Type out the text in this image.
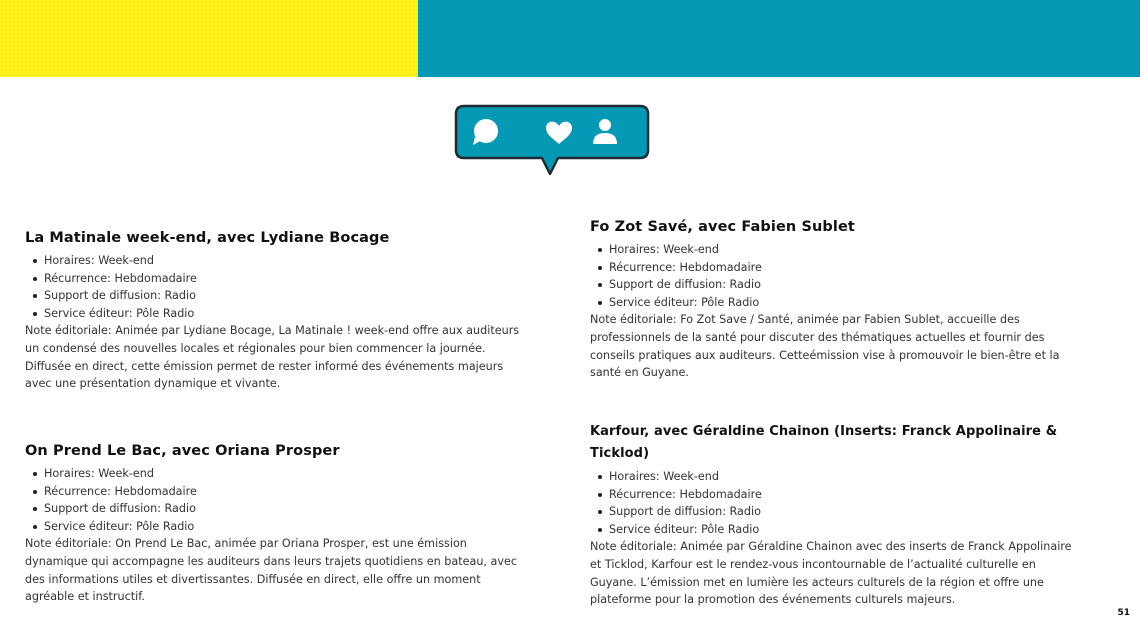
La Matinale week-end, avec Lydiane Bocage
Horaires: Week-end
Récurrence: Hebdomadaire
Support de diffusion: Radio
Service éditeur: Pôle Radio

Note éditoriale: Animée par Lydiane Bocage, La Matinale ! week-end offre aux auditeurs un condensé des nouvelles locales et régionales pour bien commencer la journée. Diffusée en direct, cette émission permet de rester informé des événements majeurs avec une présentation dynamique et vivante.

On Prend Le Bac, avec Oriana Prosper
Horaires: Week-end
Récurrence: Hebdomadaire
Support de diffusion: Radio
Service éditeur: Pôle Radio

Note éditoriale: On Prend Le Bac, animée par Oriana Prosper, est une émission dynamique qui accompagne les auditeurs dans leurs trajets quotidiens en bateau, avec des informations utiles et divertissantes. Diffusée en direct, elle offre un moment agréable et instructif.

Fo Zot Savé, avec Fabien Sublet
Horaires: Week-end
Récurrence: Hebdomadaire
Support de diffusion: Radio
Service éditeur: Pôle Radio

Note éditoriale: Fo Zot Save / Santé, animée par Fabien Sublet, accueille des professionnels de la santé pour discuter des thématiques actuelles et fournir des conseils pratiques aux auditeurs. Cetteémission vise à promouvoir le bien-être et la santé en Guyane.

Karfour, avec Géraldine Chainon (Inserts: Franck Appolinaire & Ticklod)
Horaires: Week-end
Récurrence: Hebdomadaire
Support de diffusion: Radio
Service éditeur: Pôle Radio

Note éditoriale: Animée par Géraldine Chainon avec des inserts de Franck Appolinaire et Ticklod, Karfour est le rendez-vous incontournable de l’actualité culturelle en Guyane. L’émission met en lumière les acteurs culturels de la région et offre une plateforme pour la promotion des événements culturels majeurs.

51
